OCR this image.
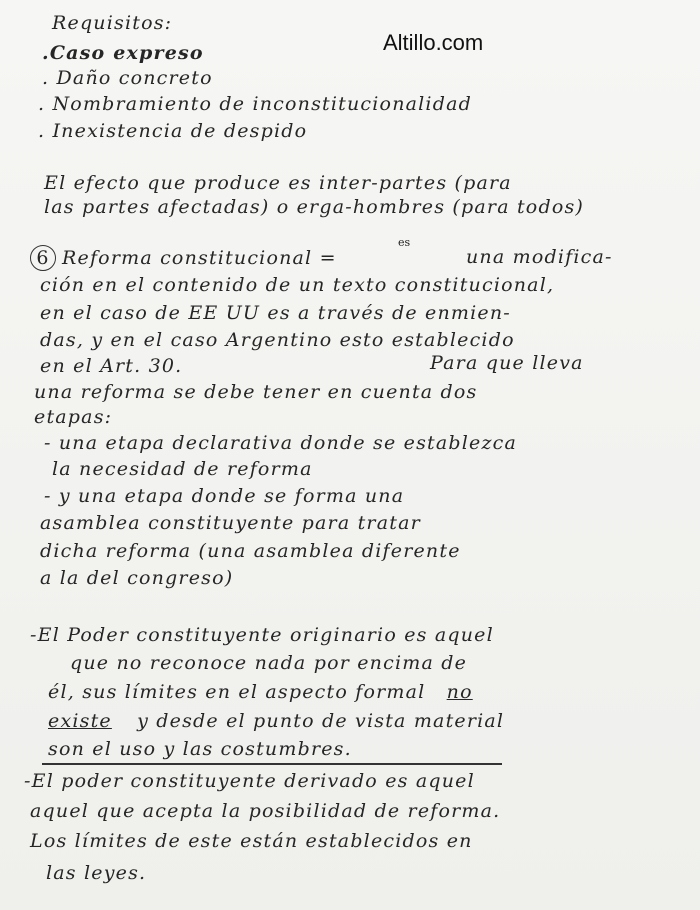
Altillo.com
Requisitos:
.Caso expreso
. Daño concreto
. Nombramiento de inconstitucionalidad
. Inexistencia de despido
El efecto que produce es inter-partes (para
las partes afectadas) o erga-hombres (para todos)
6 Reforma constitucional =
es
una modifica-
ción en el contenido de un texto constitucional,
en el caso de EE UU es a través de enmien-
das, y en el caso Argentino esto establecido
en el Art. 30.	Para que lleva
una reforma se debe tener en cuenta dos
etapas:
- una etapa declarativa donde se establezca
la necesidad de reforma
- y una etapa donde se forma una
asamblea constituyente para tratar
dicha reforma (una asamblea diferente
a la del congreso)
-El Poder constituyente originario es aquel
que no reconoce nada por encima de
él, sus límites en el aspecto formal no
existe y desde el punto de vista material
son el uso y las costumbres.
-El poder constituyente derivado es aquel
aquel que acepta la posibilidad de reforma.
Los límites de este están establecidos en
las leyes.
